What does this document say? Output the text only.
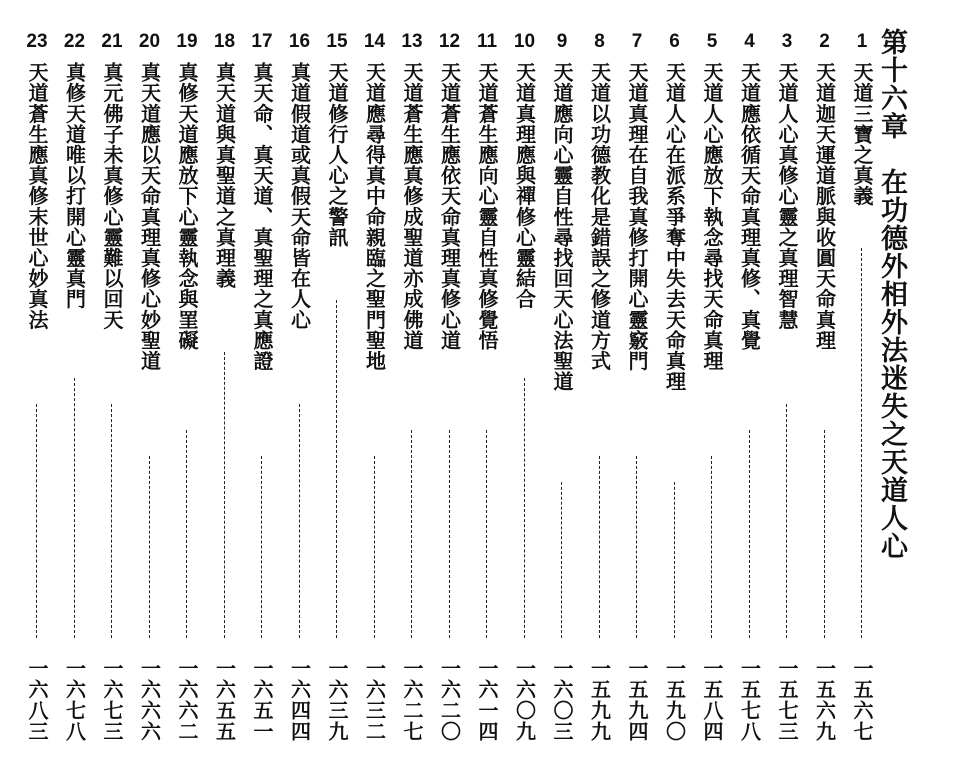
第十六章　在功德外相外法迷失之天道人心
1
天道三寶之真義
一五六七
2
天道迦天運道脈與收圓天命真理
一五六九
3
天道人心真修心靈之真理智慧
一五七三
4
天道應依循天命真理真修、真覺
一五七八
5
天道人心應放下執念尋找天命真理
一五八四
6
天道人心在派系爭奪中失去天命真理
一五九〇
7
天道真理在自我真修打開心靈竅門
一五九四
8
天道以功德教化是錯誤之修道方式
一五九九
9
天道應向心靈自性尋找回天心法聖道
一六〇三
10
天道真理應與禪修心靈結合
一六〇九
11
天道蒼生應向心靈自性真修覺悟
一六一四
12
天道蒼生應依天命真理真修心道
一六二〇
13
天道蒼生應真修成聖道亦成佛道
一六二七
14
天道應尋得真中命親臨之聖門聖地
一六三二
15
天道修行人心之警訊
一六三九
16
真道假道或真假天命皆在人心
一六四四
17
真天命、真天道、真聖理之真應證
一六五一
18
真天道與真聖道之真理義
一六五五
19
真修天道應放下心靈執念與罣礙
一六六二
20
真天道應以天命真理真修心妙聖道
一六六六
21
真元佛子未真修心靈難以回天
一六七三
22
真修天道唯以打開心靈真門
一六七八
23
天道蒼生應真修末世心妙真法
一六八三
